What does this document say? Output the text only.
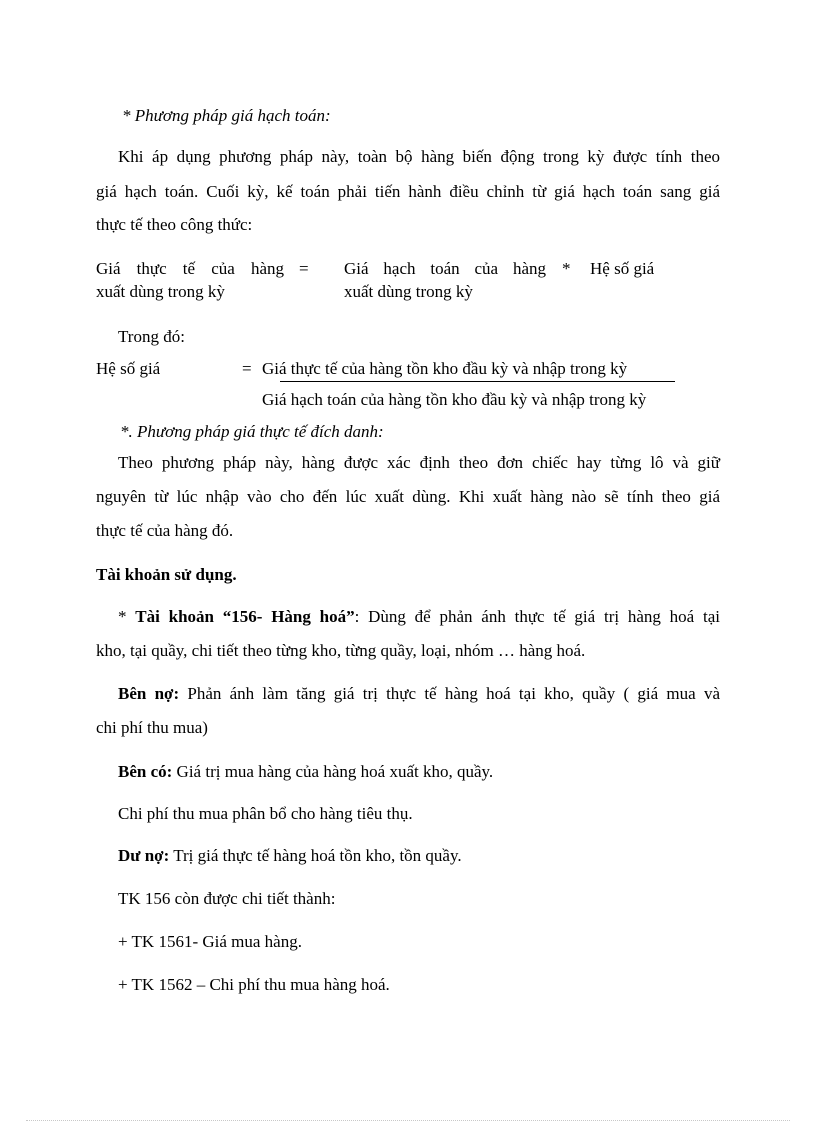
* Phương pháp giá hạch toán:
Khi áp dụng phương pháp này, toàn bộ hàng biến động trong kỳ được tính theo
giá hạch toán. Cuối kỳ, kế toán phải tiến hành điều chỉnh từ giá hạch toán sang giá
thực tế theo công thức:
Giá thực tế của hàng
xuất dùng trong kỳ
= Giá hạch toán của hàng
xuất dùng trong kỳ
* Hệ số giá
Trong đó:
Hệ số giá	= Giá thực tế của hàng tồn kho đầu kỳ và nhập trong kỳ
Giá hạch toán của hàng tồn kho đầu kỳ và nhập trong kỳ
*. Phương pháp giá thực tế đích danh:
Theo phương pháp này, hàng được xác định theo đơn chiếc hay từng lô và giữ
nguyên từ lúc nhập vào cho đến lúc xuất dùng. Khi xuất hàng nào sẽ tính theo giá
thực tế của hàng đó.
Tài khoản sử dụng.
* Tài khoản “156- Hàng hoá”: Dùng để phản ánh thực tế giá trị hàng hoá tại
kho, tại quầy, chi tiết theo từng kho, từng quầy, loại, nhóm … hàng hoá.
Bên nợ: Phản ánh làm tăng giá trị thực tế hàng hoá tại kho, quầy ( giá mua và
chi phí thu mua)
Bên có: Giá trị mua hàng của hàng hoá xuất kho, quầy.
Chi phí thu mua phân bổ cho hàng tiêu thụ.
Dư nợ: Trị giá thực tế hàng hoá tồn kho, tồn quầy.
TK 156 còn được chi tiết thành:
+ TK 1561- Giá mua hàng.
+ TK 1562 – Chi phí thu mua hàng hoá.
